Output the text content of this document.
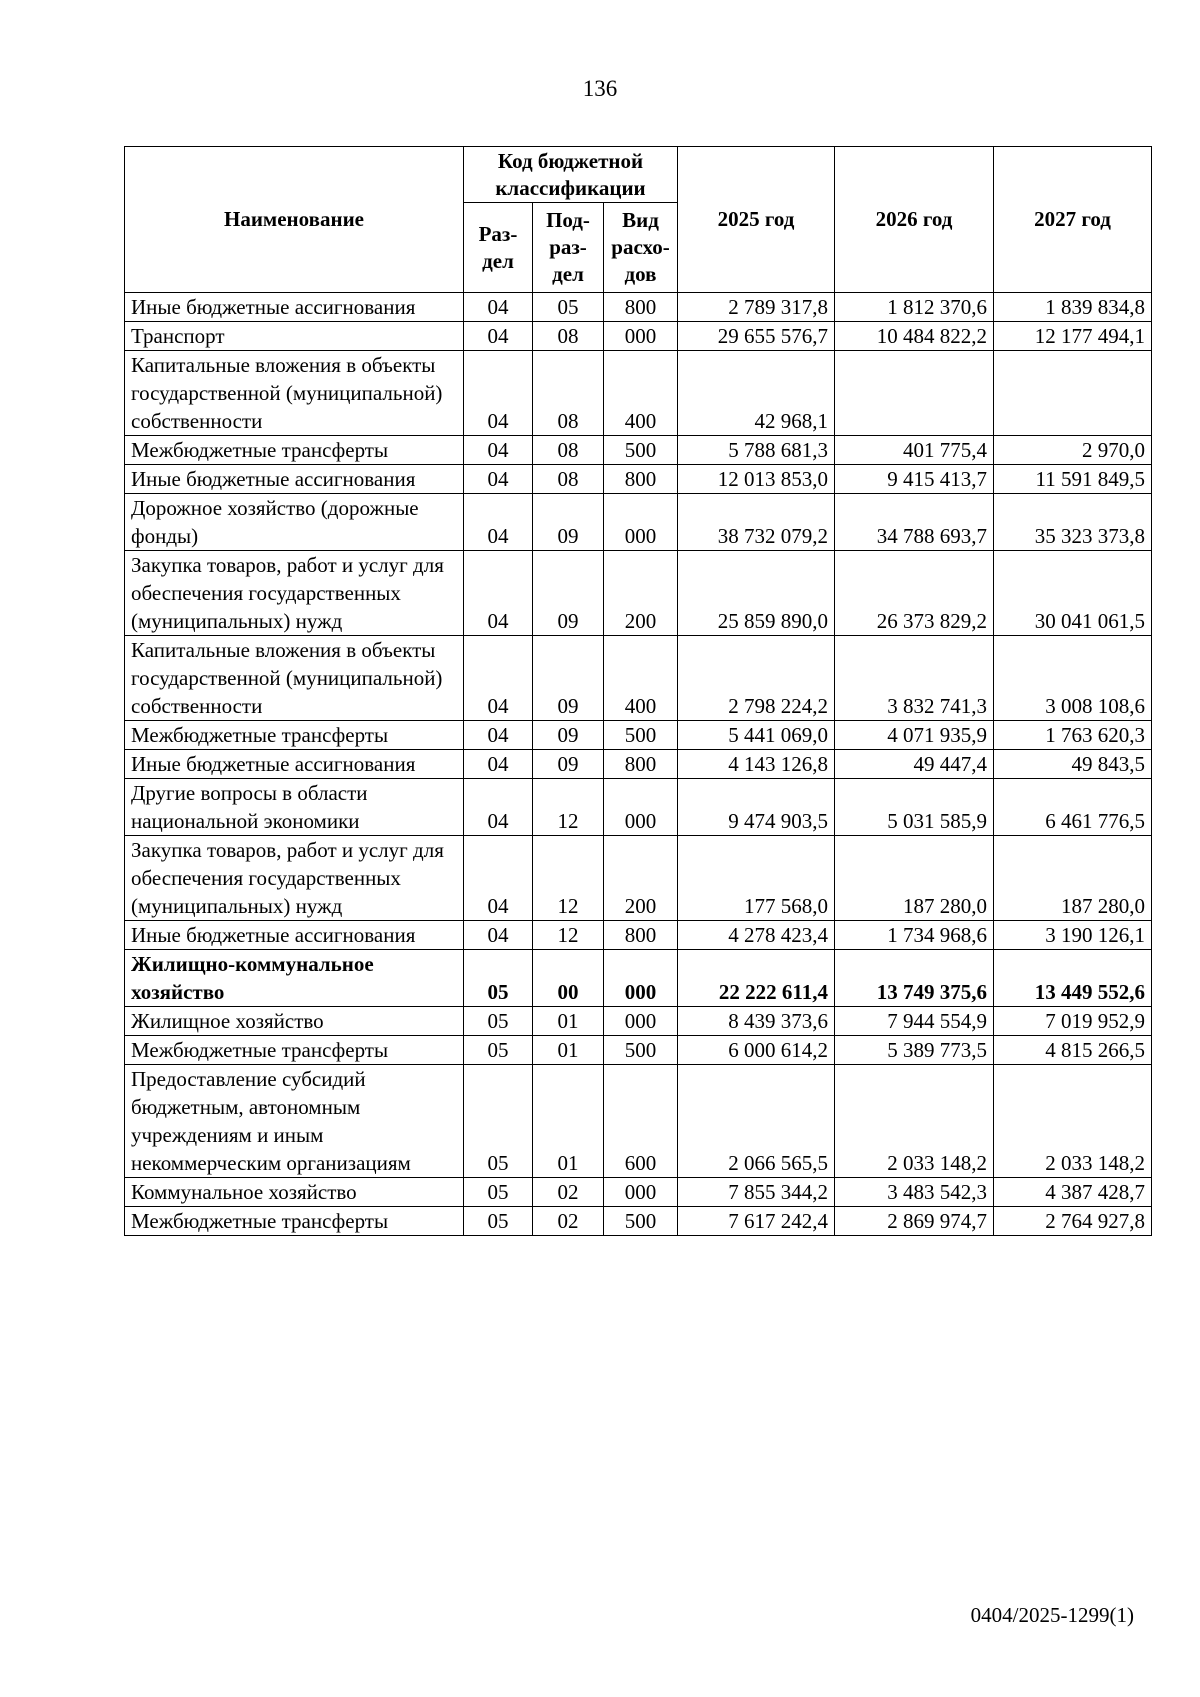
136
Наименование	Код бюджетной классификации			2025 год	2026 год	2027 год
	Раз-дел	Под-раз-дел	Вид расхо-дов			
Иные бюджетные ассигнования	04	05	800	2 789 317,8	1 812 370,6	1 839 834,8
Транспорт	04	08	000	29 655 576,7	10 484 822,2	12 177 494,1
Капитальные вложения в объекты государственной (муниципальной) собственности	04	08	400	42 968,1		
Межбюджетные трансферты	04	08	500	5 788 681,3	401 775,4	2 970,0
Иные бюджетные ассигнования	04	08	800	12 013 853,0	9 415 413,7	11 591 849,5
Дорожное хозяйство (дорожные фонды)	04	09	000	38 732 079,2	34 788 693,7	35 323 373,8
Закупка товаров, работ и услуг для обеспечения государственных (муниципальных) нужд	04	09	200	25 859 890,0	26 373 829,2	30 041 061,5
Капитальные вложения в объекты государственной (муниципальной) собственности	04	09	400	2 798 224,2	3 832 741,3	3 008 108,6
Межбюджетные трансферты	04	09	500	5 441 069,0	4 071 935,9	1 763 620,3
Иные бюджетные ассигнования	04	09	800	4 143 126,8	49 447,4	49 843,5
Другие вопросы в области национальной экономики	04	12	000	9 474 903,5	5 031 585,9	6 461 776,5
Закупка товаров, работ и услуг для обеспечения государственных (муниципальных) нужд	04	12	200	177 568,0	187 280,0	187 280,0
Иные бюджетные ассигнования	04	12	800	4 278 423,4	1 734 968,6	3 190 126,1
Жилищно-коммунальное хозяйство	05	00	000	22 222 611,4	13 749 375,6	13 449 552,6
Жилищное хозяйство	05	01	000	8 439 373,6	7 944 554,9	7 019 952,9
Межбюджетные трансферты	05	01	500	6 000 614,2	5 389 773,5	4 815 266,5
Предоставление субсидий бюджетным, автономным учреждениям и иным некоммерческим организациям	05	01	600	2 066 565,5	2 033 148,2	2 033 148,2
Коммунальное хозяйство	05	02	000	7 855 344,2	3 483 542,3	4 387 428,7
Межбюджетные трансферты	05	02	500	7 617 242,4	2 869 974,7	2 764 927,8
0404/2025-1299(1)
